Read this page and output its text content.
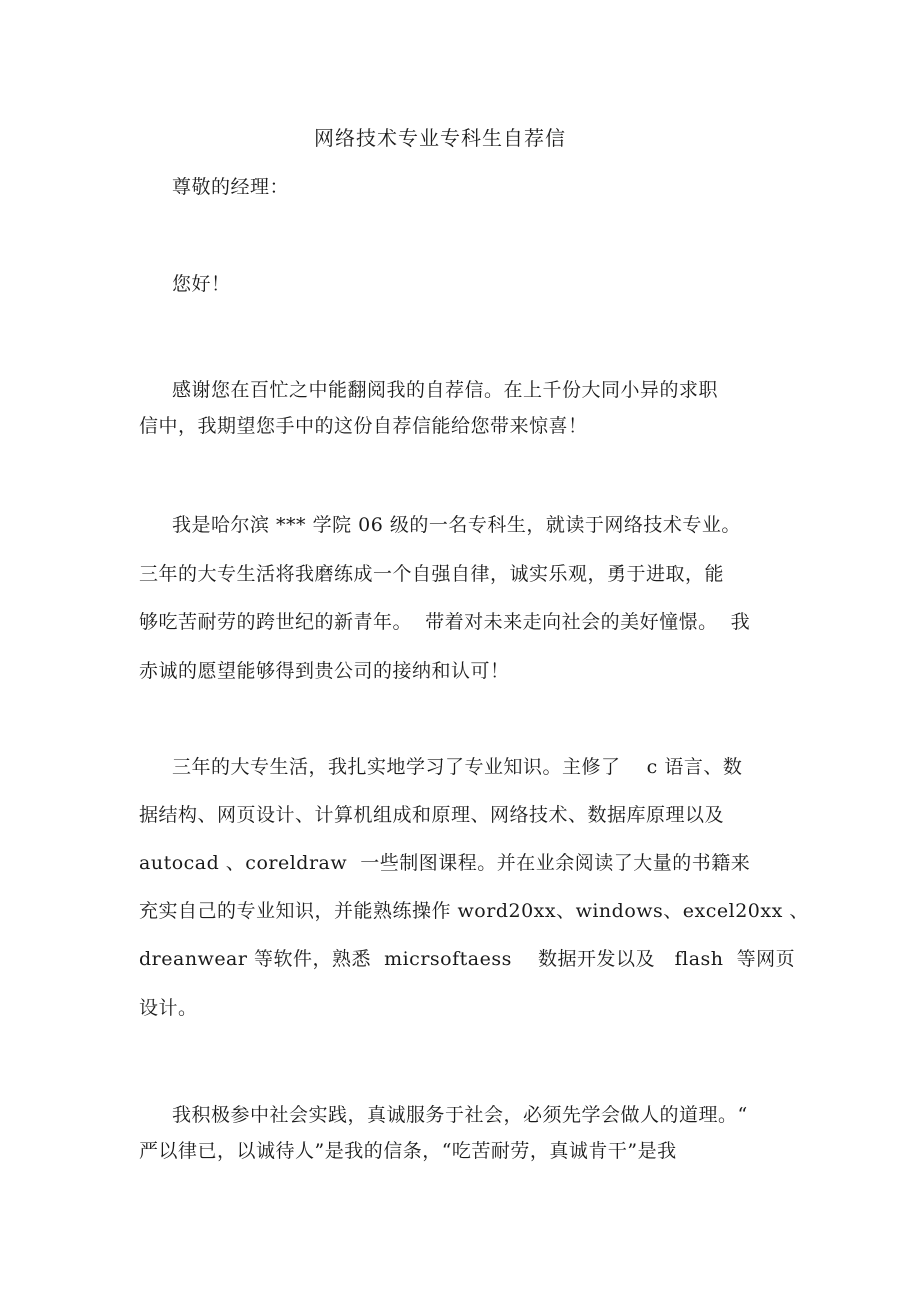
网络技术专业专科生自荐信
尊敬的经理：
您好！
感谢您在百忙之中能翻阅我的自荐信。在上千份大同小异的求职
信中，我期望您手中的这份自荐信能给您带来惊喜！
我是哈尔滨 *** 学院 06 级的一名专科生，就读于网络技术专业。
三年的大专生活将我磨练成一个自强自律，诚实乐观，勇于进取，能
够吃苦耐劳的跨世纪的新青年。  带着对未来走向社会的美好憧憬。  我
赤诚的愿望能够得到贵公司的接纳和认可！
三年的大专生活，我扎实地学习了专业知识。主修了    c 语言、数
据结构、网页设计、计算机组成和原理、网络技术、数据库原理以及
autocad 、coreldraw  一些制图课程。并在业余阅读了大量的书籍来
充实自己的专业知识，并能熟练操作 word20xx、windows、excel20xx 、
dreanwear 等软件，熟悉  micrsoftaess    数据开发以及   flash  等网页
设计。
我积极参中社会实践，真诚服务于社会，必须先学会做人的道理。“
严以律已，以诚待人”是我的信条，“吃苦耐劳，真诚肯干”是我
